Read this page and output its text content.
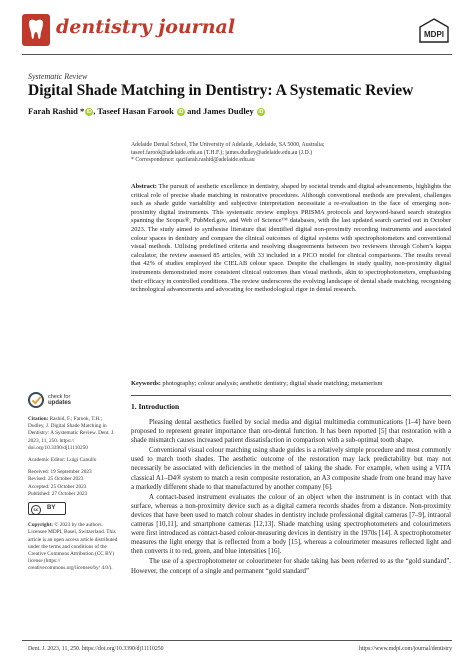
dentistry journal	MDPI
Systematic Review
Digital Shade Matching in Dentistry: A Systematic Review
Farah Rashid * iD , Taseef Hasan Farook iD and James Dudley iD

Adelaide Dental School, The University of Adelaide, Adelaide, SA 5000, Australia;

taseef.farook@adelaide.edu.au (T.H.F.); james.dudley@adelaide.edu.au (J.D.)

* Correspondence: qazifarah.rashid@adelaide.edu.au

Abstract: The pursuit of aesthetic excellence in dentistry, shaped by societal trends and digital advancements, highlights the critical role of precise shade matching in restorative procedures. Although conventional methods are prevalent, challenges such as shade guide variability and subjective interpretation necessitate a re-evaluation in the face of emerging non-proximity digital instruments. This systematic review employs PRISMA protocols and keyword-based search strategies spanning the Scopus®, PubMed.gov, and Web of Science™ databases, with the last updated search carried out in October 2023. The study aimed to synthesise literature that identified digital non-proximity recording instruments and associated colour spaces in dentistry and compare the clinical outcomes of digital systems with spectrophotometers and conventional visual methods. Utilising predefined criteria and resolving disagreements between two reviewers through Cohen’s kappa calculator, the review assessed 85 articles, with 33 included in a PICO model for clinical comparisons. The results reveal that 42% of studies employed the CIELAB colour space. Despite the challenges in study quality, non-proximity digital instruments demonstrated more consistent clinical outcomes than visual methods, akin to spectrophotometers, emphasising their efficacy in controlled conditions. The review underscores the evolving landscape of dental shade matching, recognising technological advancements and advocating for methodological rigor in dental research.
Keywords: photography; colour analysis; aesthetic dentistry; digital shade matching; metamerism
check for
updates

Citation: Rashid, F.; Farook, T.H.; Dudley, J. Digital Shade Matching in Dentistry: A Systematic Review. Dent. J. 2023, 11, 250. https:// doi.org/10.3390/dj11110250

Academic Editor: Luigi Canullo

Received: 19 September 2023

Revised: 25 October 2023

Accepted: 25 October 2023

Published: 27 October 2023

cc	BY

Copyright: © 2023 by the authors. Licensee MDPI, Basel, Switzerland. This article is an open access article distributed under the terms and conditions of the Creative Commons Attribution (CC BY) license (https:// creativecommons.org/licenses/by/ 4.0/).

1. Introduction

Pleasing dental aesthetics fuelled by social media and digital multimedia communications [1–4] have been proposed to represent greater importance than oro-dental function. It has been reported [5] that restoration with a shade mismatch causes increased patient dissatisfaction in comparison with a sub-optimal tooth shape.

Conventional visual colour matching using shade guides is a relatively simple procedure and most commonly used to match tooth shades. The aesthetic outcome of the restoration may lack predictability but may not necessarily be associated with deficiencies in the method of taking the shade. For example, when using a VITA classical A1–D4® system to match a resin composite restoration, an A3 composite shade from one brand may have a markedly different shade to that manufactured by another company [6].

A contact-based instrument evaluates the colour of an object when the instrument is in contact with that surface, whereas a non-proximity device such as a digital camera records shades from a distance. Non-proximity devices that have been used to match colour shades in dentistry include professional digital cameras [7–9], intraoral cameras [10,11], and smartphone cameras [12,13]. Shade matching using spectrophotometers and colourimeters were first introduced as contact-based colour-measuring devices in dentistry in the 1970s [14]. A spectrophotometer measures the light energy that is reflected from a body [15], whereas a colourimeter measures reflected light and then converts it to red, green, and blue intensities [16].

The use of a spectrophotometer or colourimeter for shade taking has been referred to as the “gold standard”. However, the concept of a single and permanent “gold standard”

Dent. J. 2023, 11, 250. https://doi.org/10.3390/dj11110250	https://www.mdpi.com/journal/dentistry
